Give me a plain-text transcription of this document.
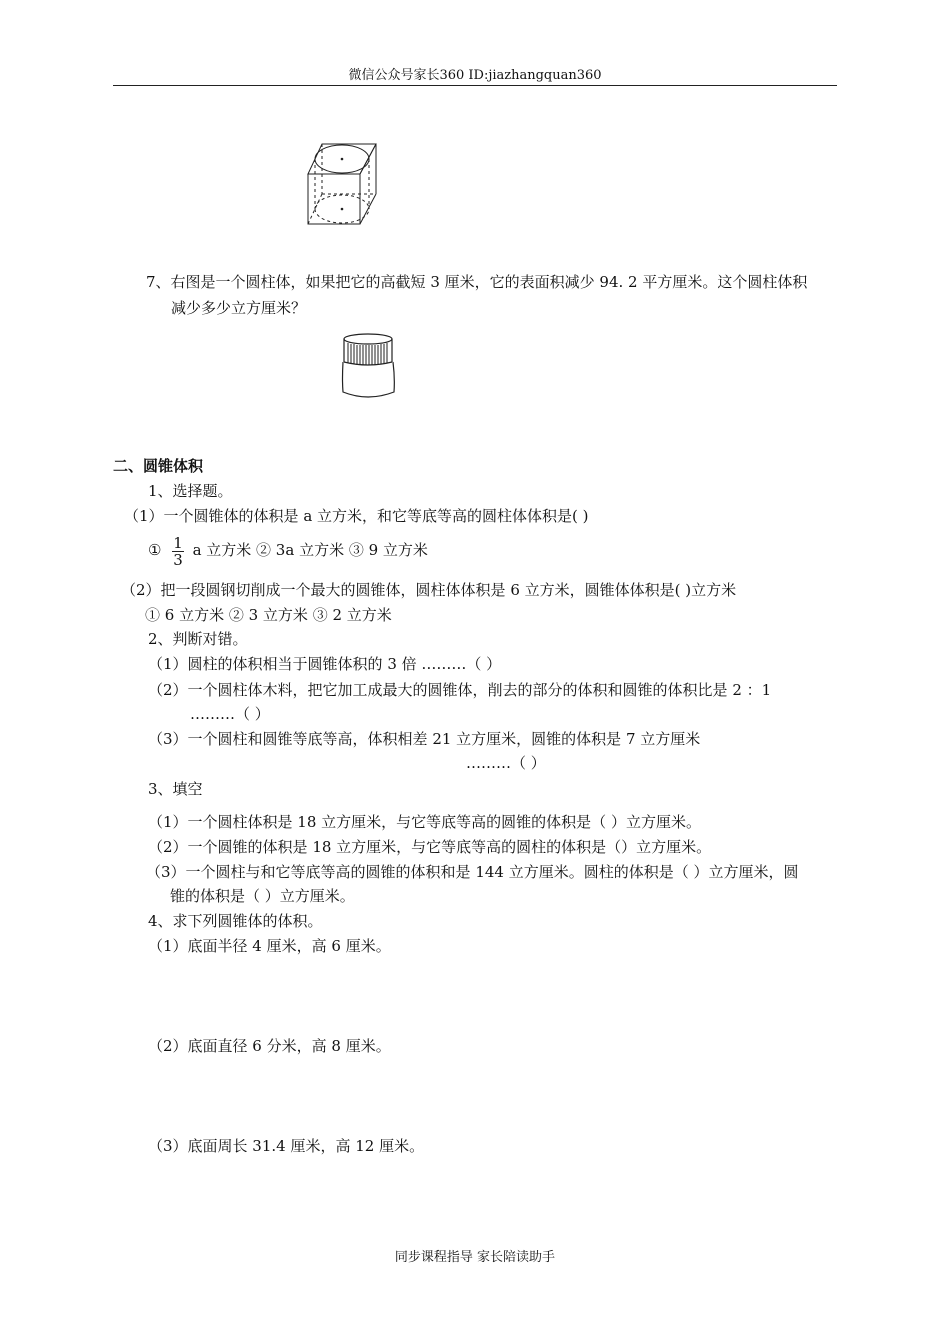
微信公众号家长360 ID:jiazhangquan360
7、右图是一个圆柱体，如果把它的高截短 3 厘米，它的表面积减少 94. 2 平方厘米。这个圆柱体积
减少多少立方厘米？
二、圆锥体积
1、选择题。
（1）一个圆锥体的体积是 a 立方米，和它等底等高的圆柱体体积是( )
① $\frac{1}{3}$ a 立方米 ② 3a 立方米 ③ 9 立方米
（2）把一段圆钢切削成一个最大的圆锥体，圆柱体体积是 6 立方米，圆锥体体积是( )立方米
① 6 立方米 ② 3 立方米 ③ 2 立方米
2、判断对错。
（1）圆柱的体积相当于圆锥体积的 3 倍 ………（ ）
（2）一个圆柱体木料，把它加工成最大的圆锥体，削去的部分的体积和圆锥的体积比是 2 ：1
………（ ）
（3）一个圆柱和圆锥等底等高，体积相差 21 立方厘米，圆锥的体积是 7 立方厘米
………（ ）
3、填空
（1）一个圆柱体积是 18 立方厘米，与它等底等高的圆锥的体积是（ ）立方厘米。
（2）一个圆锥的体积是 18 立方厘米，与它等底等高的圆柱的体积是（）立方厘米。
（3）一个圆柱与和它等底等高的圆锥的体积和是 144 立方厘米。圆柱的体积是（ ）立方厘米，圆
锥的体积是（ ）立方厘米。
4、求下列圆锥体的体积。
（1）底面半径 4 厘米，高 6 厘米。
（2）底面直径 6 分米，高 8 厘米。
（3）底面周长 31.4 厘米，高 12 厘米。
同步课程指导 家长陪读助手
